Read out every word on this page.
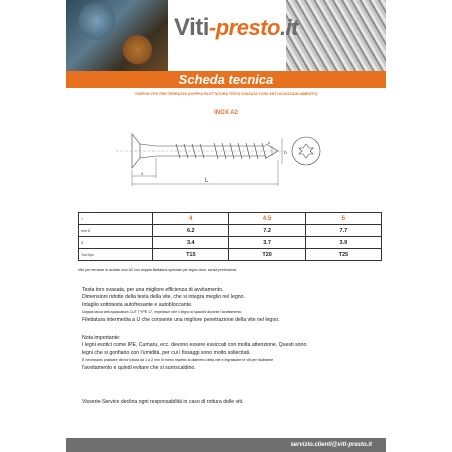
Viti-presto.it
Scheda tecnica
VSEPVH VITE PER TERRAZZA (DOPPIA FILETTATURA TESTA SVASATA TORX ANTI-SCHIZZAGLIAMENTO)
INOX A2
L
S
D
d
d	4	4.5	5
mm D	6.2	7.2	7.7
S	3.4	3.7	3.9
Torx tipo	T15	T20	T25
Vite per terrazze in acciaio inox A2 con doppia filettatura speciale per legno duro, senza preforatura.
Testa torx svasata, per una migliore efficienza di avvitamento.
Dimensioni ridotte della testa della vite, che si integra meglio nel legno.
Intaglio sottotesta autofresante e autobloccante.
Doppia tacca anti-spaccatura CUT TYPE 17, impedisce che il legno si spacchi durante l'avvitamento.
Filettatura intermedia a U che consente una migliore penetrazione della vite nel legno.
Nota importante:
I legni esotici come IPE, Cumaru, ecc. devono essere essiccati con molta attenzione. Questi sono
legni che si gonfiano con l'umidità, per cui i fissaggi sono molto sollecitati.
È necessario praticare dei fori pilota da 1 a 2 mm in meno rispetto al diametro della vite e ingrassare le viti per facilitarne
l'avvitamento e quindi evitare che si surriscaldino.
Visserie-Service declina ogni responsabilità in caso di rottura delle viti.
servizio.clienti@viti-presto.it
